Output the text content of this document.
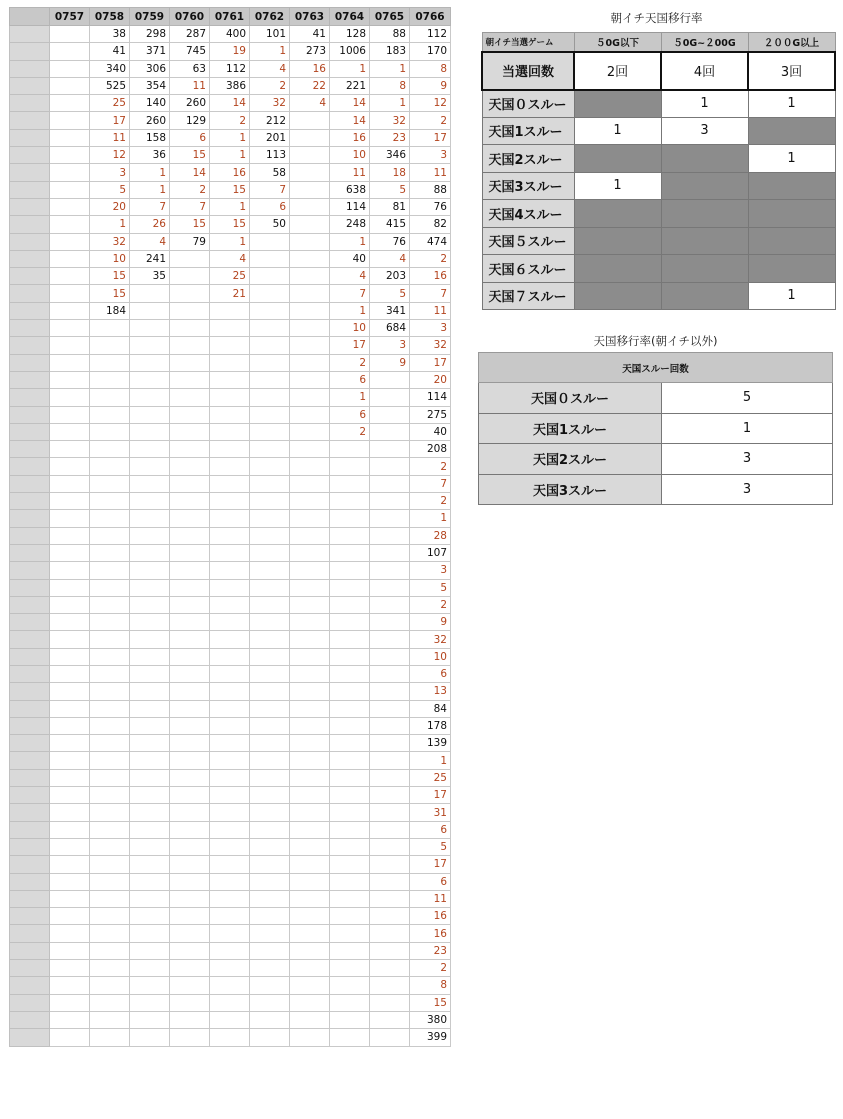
	0757	0758	0759	0760	0761	0762	0763	0764	0765	0766
		38	298	287	400	101	41	128	88	112
		41	371	745	19	1	273	1006	183	170
		340	306	63	112	4	16	1	1	8
		525	354	11	386	2	22	221	8	9
		25	140	260	14	32	4	14	1	12
		17	260	129	2	212		14	32	2
		11	158	6	1	201		16	23	17
		12	36	15	1	113		10	346	3
		3	1	14	16	58		11	18	11
		5	1	2	15	7		638	5	88
		20	7	7	1	6		114	81	76
		1	26	15	15	50		248	415	82
		32	4	79	1			1	76	474
		10	241		4			40	4	2
		15	35		25			4	203	16
		15			21			7	5	7
		184						1	341	11
								10	684	3
								17	3	32
								2	9	17
								6		20
								1		114
								6		275
								2		40
										208
										2
										7
										2
										1
										28
										107
										3
										5
										2
										9
										32
										10
										6
										13
										84
										178
										139
										1
										25
										17
										31
										6
										5
										17
										6
										11
										16
										16
										23
										2
										8
										15
										380
										399
朝イチ天国移行率
朝イチ当選ゲーム	５0G以下	５0G~２00G	２００G以上
当選回数	2回	4回	3回
天国０スルー		1	1
天国1スルー	1	3	
天国2スルー			1
天国3スルー	1		
天国4スルー			
天国５スルー			
天国６スルー			
天国７スルー			1
天国移行率(朝イチ以外)
天国スルー回数	
天国０スルー	5
天国1スルー	1
天国2スルー	3
天国3スルー	3
